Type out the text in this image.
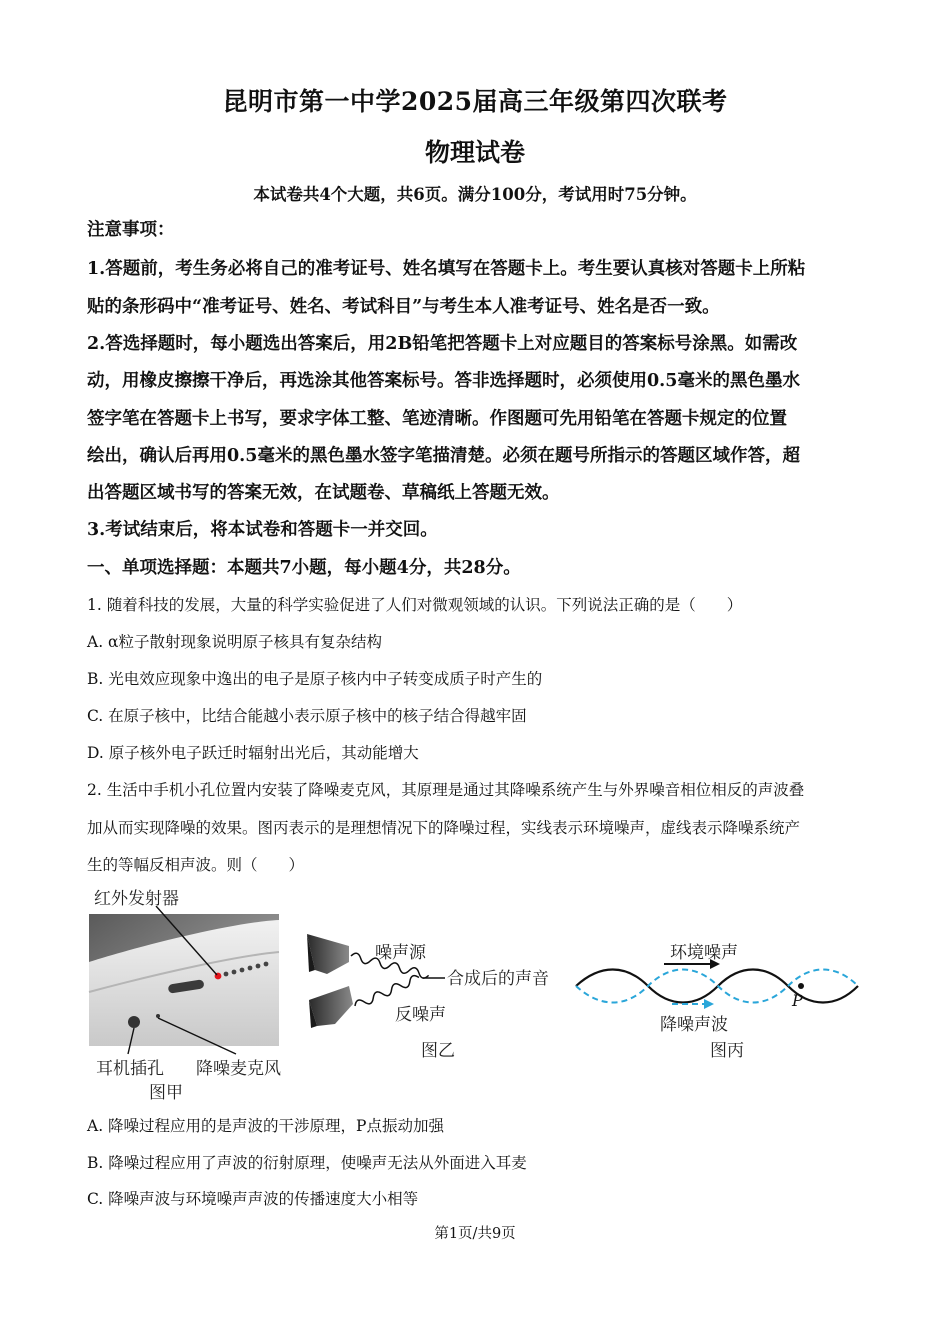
昆明市第一中学2025届高三年级第四次联考
物理试卷
本试卷共4个大题，共6页。满分100分，考试用时75分钟。
注意事项：
1.答题前，考生务必将自己的准考证号、姓名填写在答题卡上。考生要认真核对答题卡上所粘
贴的条形码中“准考证号、姓名、考试科目”与考生本人准考证号、姓名是否一致。
2.答选择题时，每小题选出答案后，用2B铅笔把答题卡上对应题目的答案标号涂黑。如需改
动，用橡皮擦擦干净后，再选涂其他答案标号。答非选择题时，必须使用0.5毫米的黑色墨水
签字笔在答题卡上书写，要求字体工整、笔迹清晰。作图题可先用铅笔在答题卡规定的位置
绘出，确认后再用0.5毫米的黑色墨水签字笔描清楚。必须在题号所指示的答题区域作答，超
出答题区域书写的答案无效，在试题卷、草稿纸上答题无效。
3.考试结束后，将本试卷和答题卡一并交回。
一、单项选择题：本题共7小题，每小题4分，共28分。
1. 随着科技的发展，大量的科学实验促进了人们对微观领域的认识。下列说法正确的是（　　）
A. α粒子散射现象说明原子核具有复杂结构
B. 光电效应现象中逸出的电子是原子核内中子转变成质子时产生的
C. 在原子核中，比结合能越小表示原子核中的核子结合得越牢固
D. 原子核外电子跃迁时辐射出光后，其动能增大
2. 生活中手机小孔位置内安装了降噪麦克风，其原理是通过其降噪系统产生与外界噪音相位相反的声波叠
加从而实现降噪的效果。图丙表示的是理想情况下的降噪过程，实线表示环境噪声，虚线表示降噪系统产
生的等幅反相声波。则（　　）
红外发射器
耳机插孔 降噪麦克风
图甲
噪声源
合成后的声音
反噪声
图乙
环境噪声
P
降噪声波
图丙
A. 降噪过程应用的是声波的干涉原理，P点振动加强
B. 降噪过程应用了声波的衍射原理，使噪声无法从外面进入耳麦
C. 降噪声波与环境噪声声波的传播速度大小相等
第1页/共9页
